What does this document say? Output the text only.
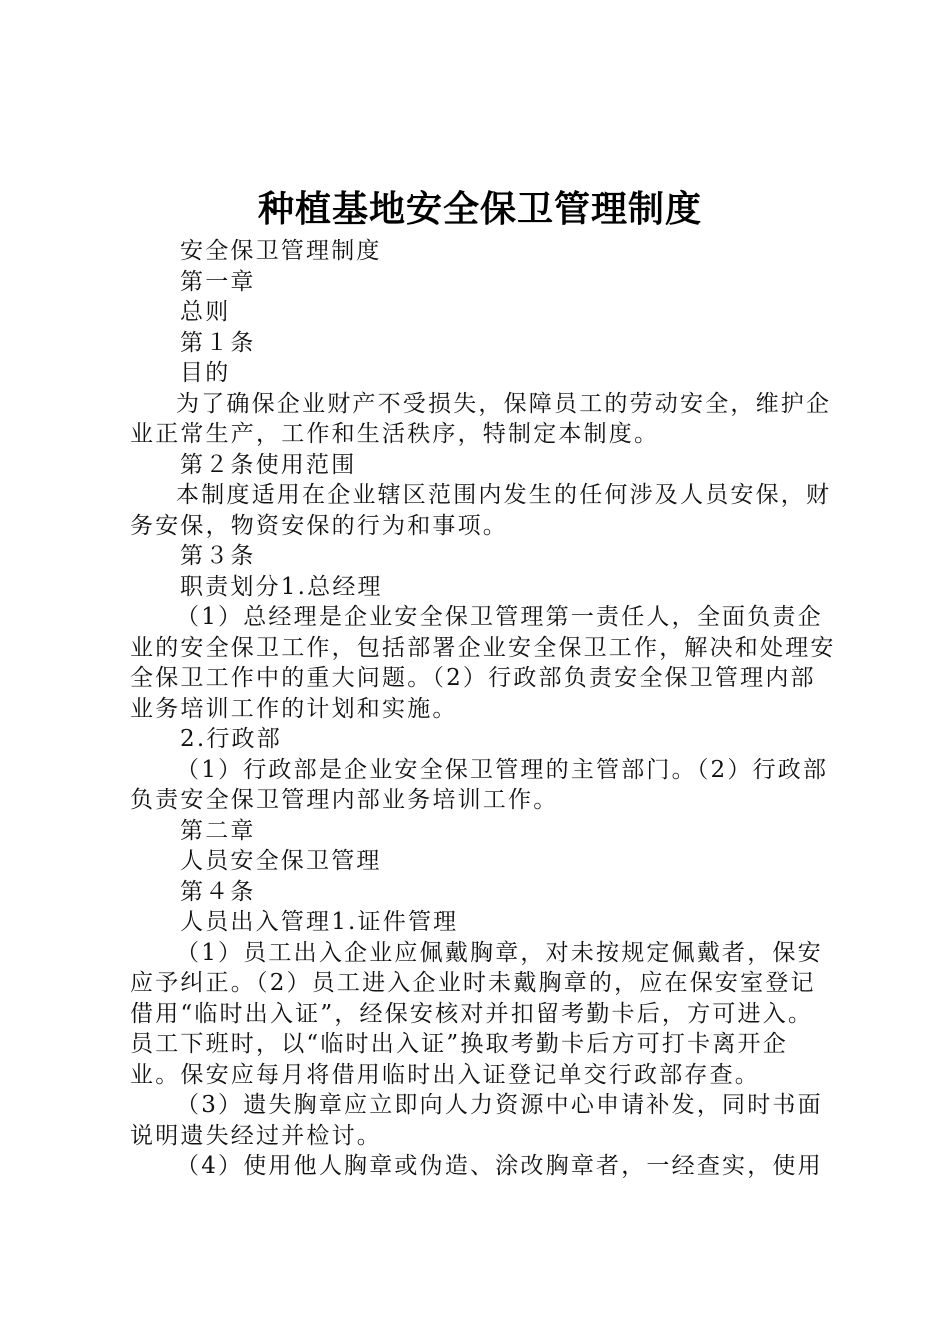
种植基地安全保卫管理制度

安全保卫管理制度

第一章

总则

第１条

目的

为了确保企业财产不受损失，保障员工的劳动安全，维护企业正常生产，工作和生活秩序，特制定本制度。

第２条使用范围

本制度适用在企业辖区范围内发生的任何涉及人员安保，财务安保，物资安保的行为和事项。

第３条

职责划分1.总经理

（1）总经理是企业安全保卫管理第一责任人，全面负责企业的安全保卫工作，包括部署企业安全保卫工作，解决和处理安全保卫工作中的重大问题。（2）行政部负责安全保卫管理内部业务培训工作的计划和实施。

2.行政部

（1）行政部是企业安全保卫管理的主管部门。（2）行政部负责安全保卫管理内部业务培训工作。

第二章

人员安全保卫管理

第４条

人员出入管理1.证件管理

（1）员工出入企业应佩戴胸章，对未按规定佩戴者，保安应予纠正。（2）员工进入企业时未戴胸章的，应在保安室登记借用“临时出入证”，经保安核对并扣留考勤卡后，方可进入。员工下班时，以“临时出入证”换取考勤卡后方可打卡离开企业。保安应每月将借用临时出入证登记单交行政部存查。

（3）遗失胸章应立即向人力资源中心申请补发，同时书面说明遗失经过并检讨。

（4）使用他人胸章或伪造、涂改胸章者，一经查实，使用
